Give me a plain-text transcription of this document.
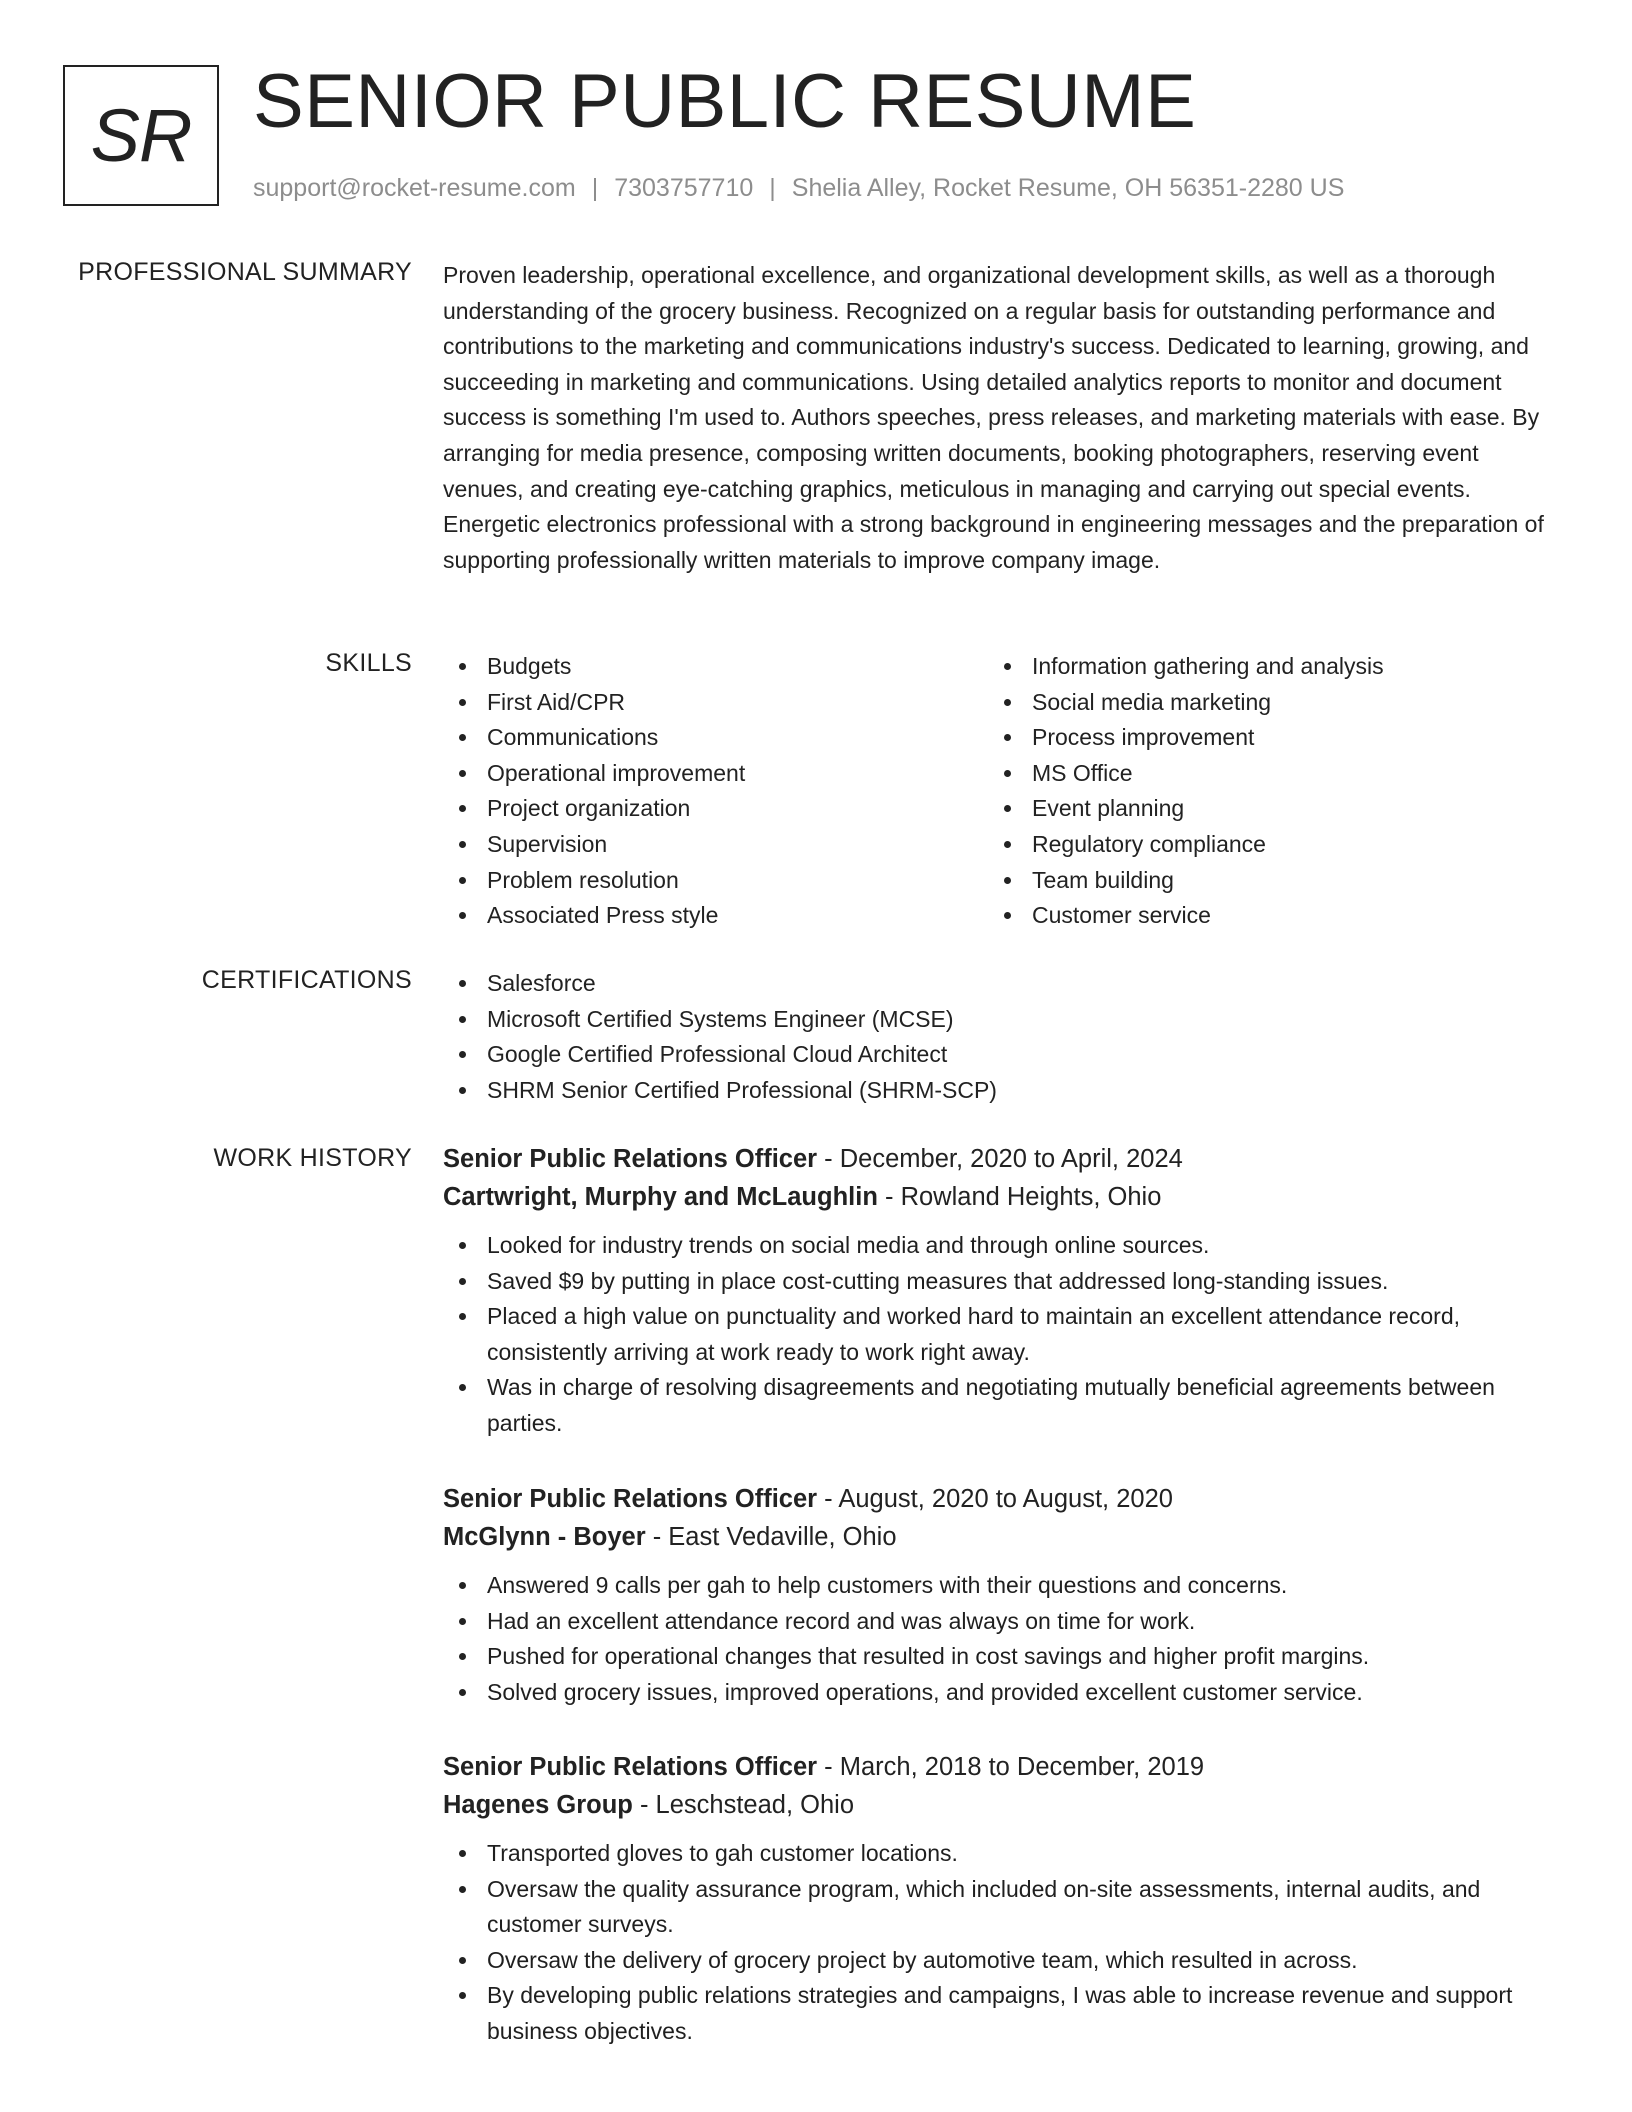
SR SENIOR PUBLIC RESUME
support@rocket-resume.com | 7303757710 | Shelia Alley, Rocket Resume, OH 56351-2280 US
PROFESSIONAL SUMMARY Proven leadership, operational excellence, and organizational development skills, as well as a thorough understanding of the grocery business. Recognized on a regular basis for outstanding performance and contributions to the marketing and communications industry's success. Dedicated to learning, growing, and succeeding in marketing and communications. Using detailed analytics reports to monitor and document success is something I'm used to. Authors speeches, press releases, and marketing materials with ease. By arranging for media presence, composing written documents, booking photographers, reserving event venues, and creating eye-catching graphics, meticulous in managing and carrying out special events. Energetic electronics professional with a strong background in engineering messages and the preparation of supporting professionally written materials to improve company image.
SKILLS	Budgets
First Aid/CPR
Communications
Operational improvement
Project organization
Supervision
Problem resolution
Associated Press style
Information gathering and analysis
Social media marketing
Process improvement
MS Office
Event planning
Regulatory compliance
Team building
Customer service
CERTIFICATIONS	Salesforce
Microsoft Certified Systems Engineer (MCSE)
Google Certified Professional Cloud Architect
SHRM Senior Certified Professional (SHRM-SCP)
WORK HISTORY Senior Public Relations Officer - December, 2020 to April, 2024
Cartwright, Murphy and McLaughlin - Rowland Heights, Ohio
Looked for industry trends on social media and through online sources.
Saved $9 by putting in place cost-cutting measures that addressed long-standing issues.
Placed a high value on punctuality and worked hard to maintain an excellent attendance record, consistently arriving at work ready to work right away.
Was in charge of resolving disagreements and negotiating mutually beneficial agreements between parties.
Senior Public Relations Officer - August, 2020 to August, 2020
McGlynn - Boyer - East Vedaville, Ohio
Answered 9 calls per gah to help customers with their questions and concerns.
Had an excellent attendance record and was always on time for work.
Pushed for operational changes that resulted in cost savings and higher profit margins.
Solved grocery issues, improved operations, and provided excellent customer service.
Senior Public Relations Officer - March, 2018 to December, 2019
Hagenes Group - Leschstead, Ohio
Transported gloves to gah customer locations.
Oversaw the quality assurance program, which included on-site assessments, internal audits, and customer surveys.
Oversaw the delivery of grocery project by automotive team, which resulted in across.
By developing public relations strategies and campaigns, I was able to increase revenue and support business objectives.
